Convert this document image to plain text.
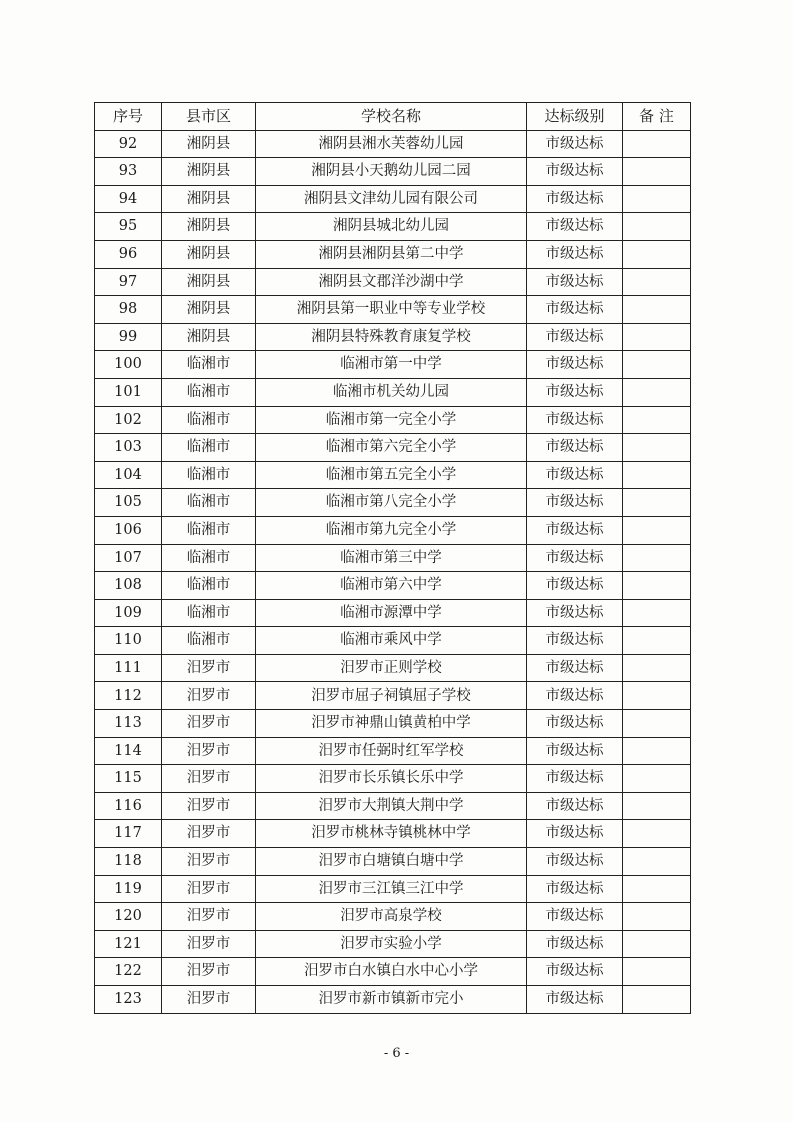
序号	县市区	学校名称	达标级别	备 注
92	湘阴县	湘阴县湘水芙蓉幼儿园	市级达标	
93	湘阴县	湘阴县小天鹅幼儿园二园	市级达标	
94	湘阴县	湘阴县文津幼儿园有限公司	市级达标	
95	湘阴县	湘阴县城北幼儿园	市级达标	
96	湘阴县	湘阴县湘阴县第二中学	市级达标	
97	湘阴县	湘阴县文郡洋沙湖中学	市级达标	
98	湘阴县	湘阴县第一职业中等专业学校	市级达标	
99	湘阴县	湘阴县特殊教育康复学校	市级达标	
100	临湘市	临湘市第一中学	市级达标	
101	临湘市	临湘市机关幼儿园	市级达标	
102	临湘市	临湘市第一完全小学	市级达标	
103	临湘市	临湘市第六完全小学	市级达标	
104	临湘市	临湘市第五完全小学	市级达标	
105	临湘市	临湘市第八完全小学	市级达标	
106	临湘市	临湘市第九完全小学	市级达标	
107	临湘市	临湘市第三中学	市级达标	
108	临湘市	临湘市第六中学	市级达标	
109	临湘市	临湘市源潭中学	市级达标	
110	临湘市	临湘市乘风中学	市级达标	
111	汨罗市	汨罗市正则学校	市级达标	
112	汨罗市	汨罗市屈子祠镇屈子学校	市级达标	
113	汨罗市	汨罗市神鼎山镇黄柏中学	市级达标	
114	汨罗市	汨罗市任弼时红军学校	市级达标	
115	汨罗市	汨罗市长乐镇长乐中学	市级达标	
116	汨罗市	汨罗市大荆镇大荆中学	市级达标	
117	汨罗市	汨罗市桃林寺镇桃林中学	市级达标	
118	汨罗市	汨罗市白塘镇白塘中学	市级达标	
119	汨罗市	汨罗市三江镇三江中学	市级达标	
120	汨罗市	汨罗市高泉学校	市级达标	
121	汨罗市	汨罗市实验小学	市级达标	
122	汨罗市	汨罗市白水镇白水中心小学	市级达标	
123	汨罗市	汨罗市新市镇新市完小	市级达标	
- 6 -
